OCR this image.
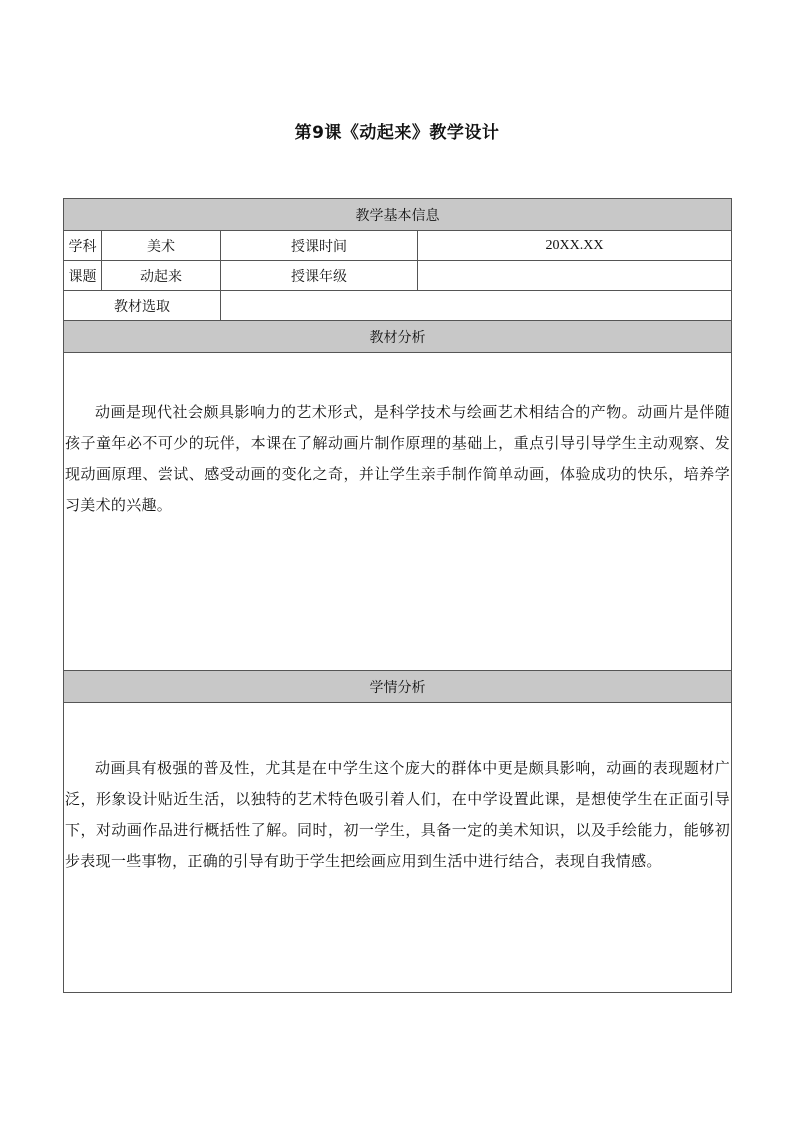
第9课《动起来》教学设计
教学基本信息			
学科	美术	授课时间	20XX.XX
课题	动起来	授课年级	
教材选取			
教材分析			

动画是现代社会颇具影响力的艺术形式，是科学技术与绘画艺术相结合的产物。动画片是伴随孩子童年必不可少的玩伴，本课在了解动画片制作原理的基础上，重点引导引导学生主动观察、发现动画原理、尝试、感受动画的变化之奇，并让学生亲手制作简单动画，体验成功的快乐，培养学习美术的兴趣。			

学情分析			

动画具有极强的普及性，尤其是在中学生这个庞大的群体中更是颇具影响，动画的表现题材广泛，形象设计贴近生活，以独特的艺术特色吸引着人们，在中学设置此课，是想使学生在正面引导下，对动画作品进行概括性了解。同时，初一学生，具备一定的美术知识，以及手绘能力，能够初步表现一些事物，正确的引导有助于学生把绘画应用到生活中进行结合，表现自我情感。			
